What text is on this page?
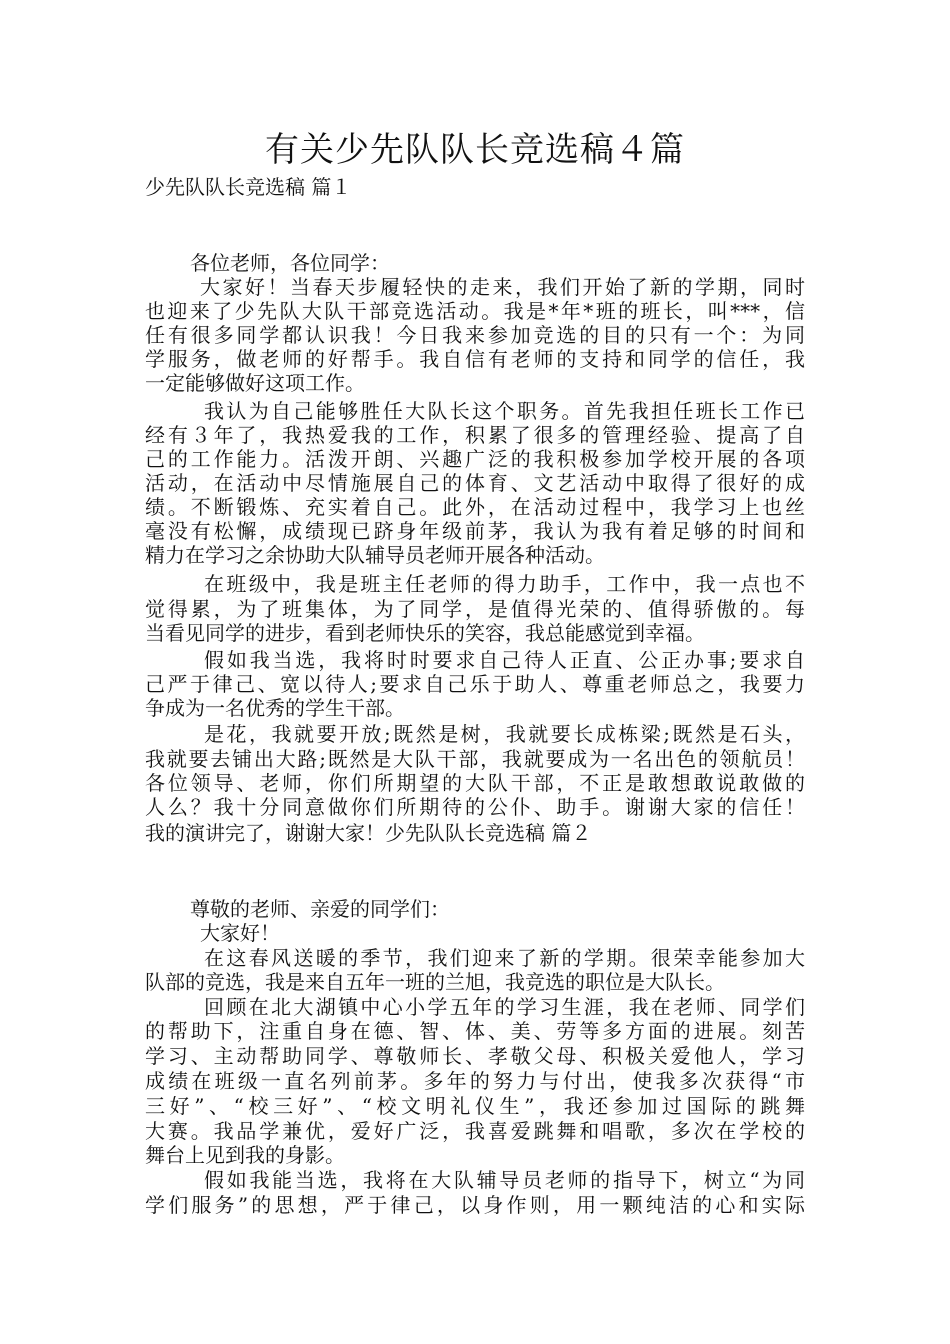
有关少先队队长竞选稿４篇
少先队队长竞选稿 篇１
各位老师，各位同学：
大家好！当春天步履轻快的走来，我们开始了新的学期，同时
也迎来了少先队大队干部竞选活动。我是*年*班的班长，叫***，信
任有很多同学都认识我！今日我来参加竞选的目的只有一个：为同
学服务，做老师的好帮手。我自信有老师的支持和同学的信任，我
一定能够做好这项工作。
我认为自己能够胜任大队长这个职务。首先我担任班长工作已
经有３年了，我热爱我的工作，积累了很多的管理经验、提高了自
己的工作能力。活泼开朗、兴趣广泛的我积极参加学校开展的各项
活动，在活动中尽情施展自己的体育、文艺活动中取得了很好的成
绩。不断锻炼、充实着自己。此外，在活动过程中，我学习上也丝
毫没有松懈，成绩现已跻身年级前茅，我认为我有着足够的时间和
精力在学习之余协助大队辅导员老师开展各种活动。
在班级中，我是班主任老师的得力助手，工作中，我一点也不
觉得累，为了班集体，为了同学，是值得光荣的、值得骄傲的。每
当看见同学的进步，看到老师快乐的笑容，我总能感觉到幸福。
假如我当选，我将时时要求自己待人正直、公正办事;要求自
己严于律己、宽以待人;要求自己乐于助人、尊重老师总之，我要力
争成为一名优秀的学生干部。
是花，我就要开放;既然是树，我就要长成栋梁;既然是石头，
我就要去铺出大路;既然是大队干部，我就要成为一名出色的领航员！
各位领导、老师，你们所期望的大队干部，不正是敢想敢说敢做的
人么？我十分同意做你们所期待的公仆、助手。谢谢大家的信任！
我的演讲完了，谢谢大家！少先队队长竞选稿 篇２
尊敬的老师、亲爱的同学们：
大家好！
在这春风送暖的季节，我们迎来了新的学期。很荣幸能参加大
队部的竞选，我是来自五年一班的兰旭，我竞选的职位是大队长。
回顾在北大湖镇中心小学五年的学习生涯，我在老师、同学们
的帮助下，注重自身在德、智、体、美、劳等多方面的进展。刻苦
学习、主动帮助同学、尊敬师长、孝敬父母、积极关爱他人，学习
成绩在班级一直名列前茅。多年的努力与付出，使我多次获得“市
三好”、“校三好”、“校文明礼仪生”，我还参加过国际的跳舞
大赛。我品学兼优，爱好广泛，我喜爱跳舞和唱歌，多次在学校的
舞台上见到我的身影。
假如我能当选，我将在大队辅导员老师的指导下，树立“为同
学们服务”的思想，严于律己，以身作则，用一颗纯洁的心和实际
